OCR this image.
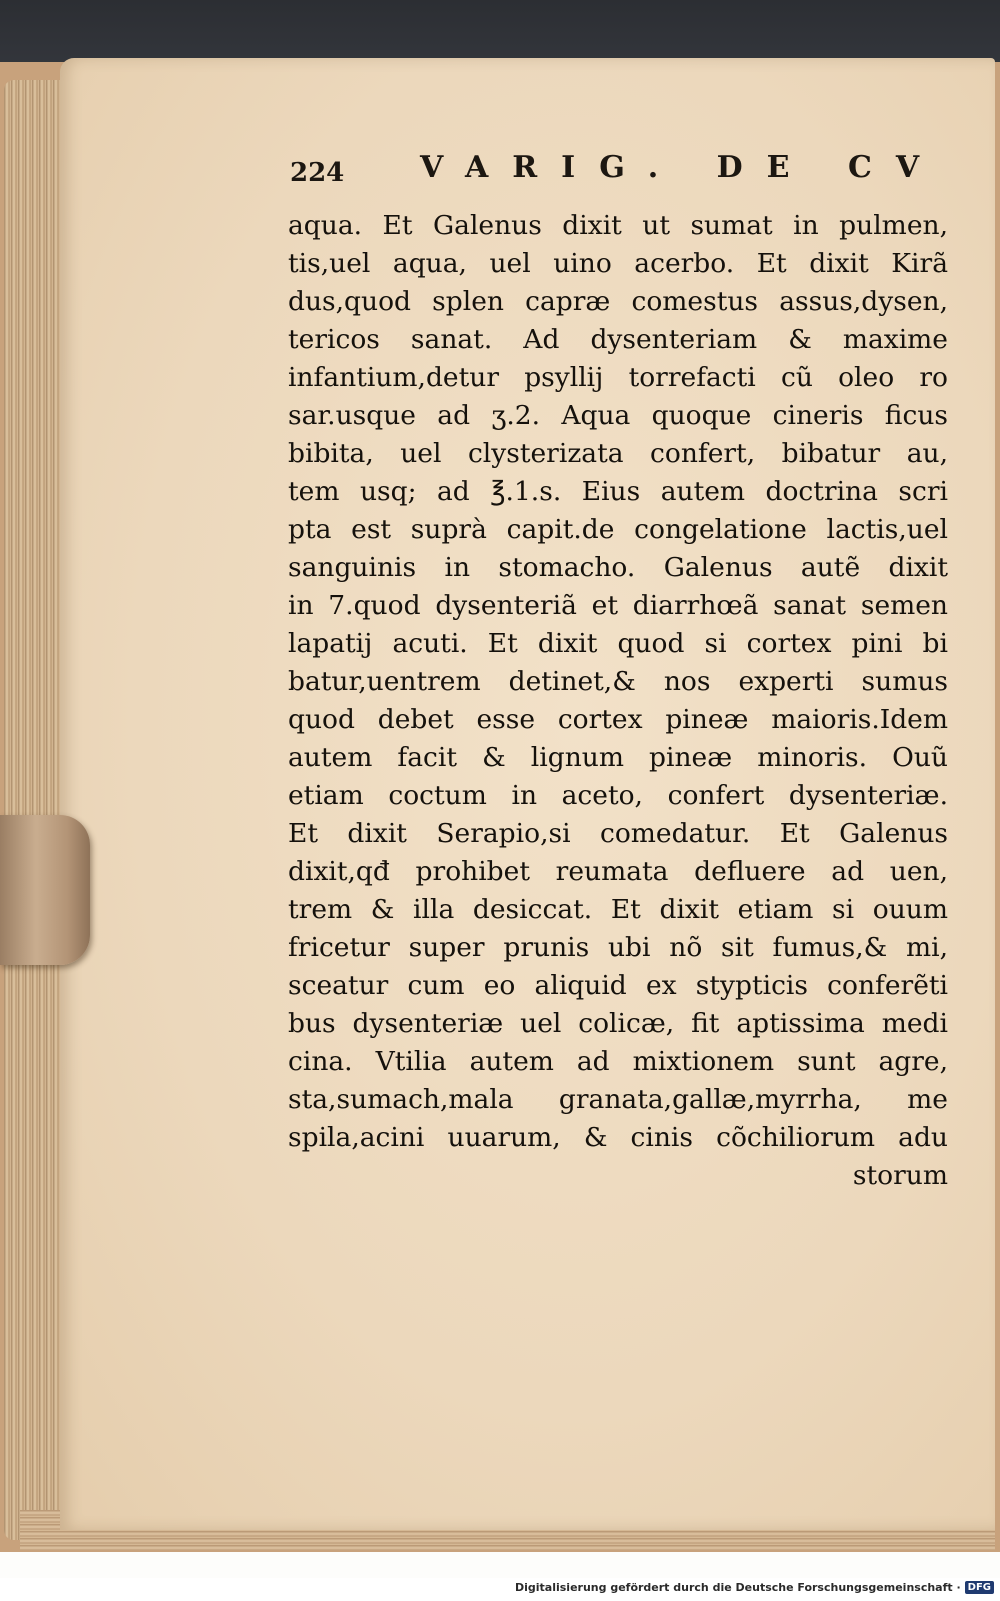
224	VARIG. DE CV
aqua. Et Galenus dixit ut sumat in pulmen,
tis,uel aqua, uel uino acerbo. Et dixit Kirã
dus,quod splen capræ comestus assus,dysen,
tericos sanat. Ad dysenteriam & maxime
infantium,detur psyllij torrefacti cũ oleo ro
sar.usque ad ʒ.2. Aqua quoque cineris ficus
bibita, uel clysterizata confert, bibatur au,
tem usq; ad ℥.1.s. Eius autem doctrina scri
pta est suprà capit.de congelatione lactis,uel
sanguinis in stomacho. Galenus autẽ dixit
in 7.quod dysenteriã et diarrhœã sanat semen
lapatij acuti. Et dixit quod si cortex pini bi
batur,uentrem detinet,& nos experti sumus
quod debet esse cortex pineæ maioris.Idem
autem facit & lignum pineæ minoris. Ouũ
etiam coctum in aceto, confert dysenteriæ.
Et dixit Serapio,si comedatur. Et Galenus
dixit,qđ prohibet reumata defluere ad uen,
trem & illa desiccat. Et dixit etiam si ouum
fricetur super prunis ubi nõ sit fumus,& mi,
sceatur cum eo aliquid ex stypticis conferẽti
bus dysenteriæ uel colicæ, fit aptissima medi
cina. Vtilia autem ad mixtionem sunt agre,
sta,sumach,mala granata,gallæ,myrrha, me
spila,acini uuarum, & cinis cõchiliorum adu
storum
Digitalisierung gefördert durch die Deutsche Forschungsgemeinschaft · DFG
